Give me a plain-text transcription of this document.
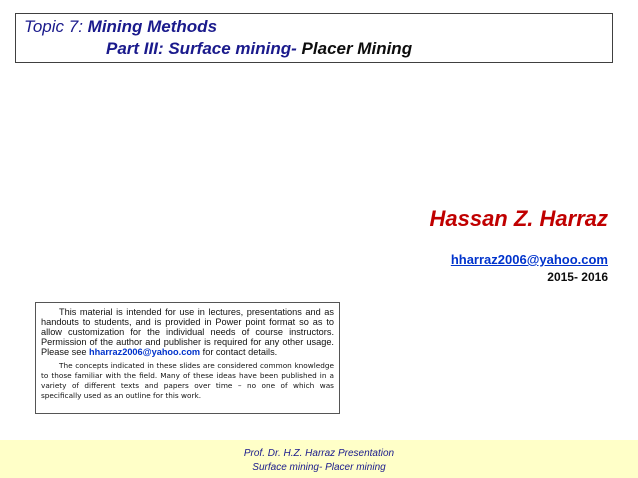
Topic 7: Mining Methods
Part III: Surface mining- Placer Mining
Hassan Z. Harraz
hharraz2006@yahoo.com
2015- 2016

This material is intended for use in lectures, presentations and as handouts to students, and is provided in Power point format so as to allow customization for the individual needs of course instructors. Permission of the author and publisher is required for any other usage. Please see hharraz2006@yahoo.com for contact details.

The concepts indicated in these slides are considered common knowledge to those familiar with the field. Many of these ideas have been published in a variety of different texts and papers over time – no one of which was specifically used as an outline for this work.

Prof. Dr. H.Z. Harraz Presentation
Surface mining- Placer mining
